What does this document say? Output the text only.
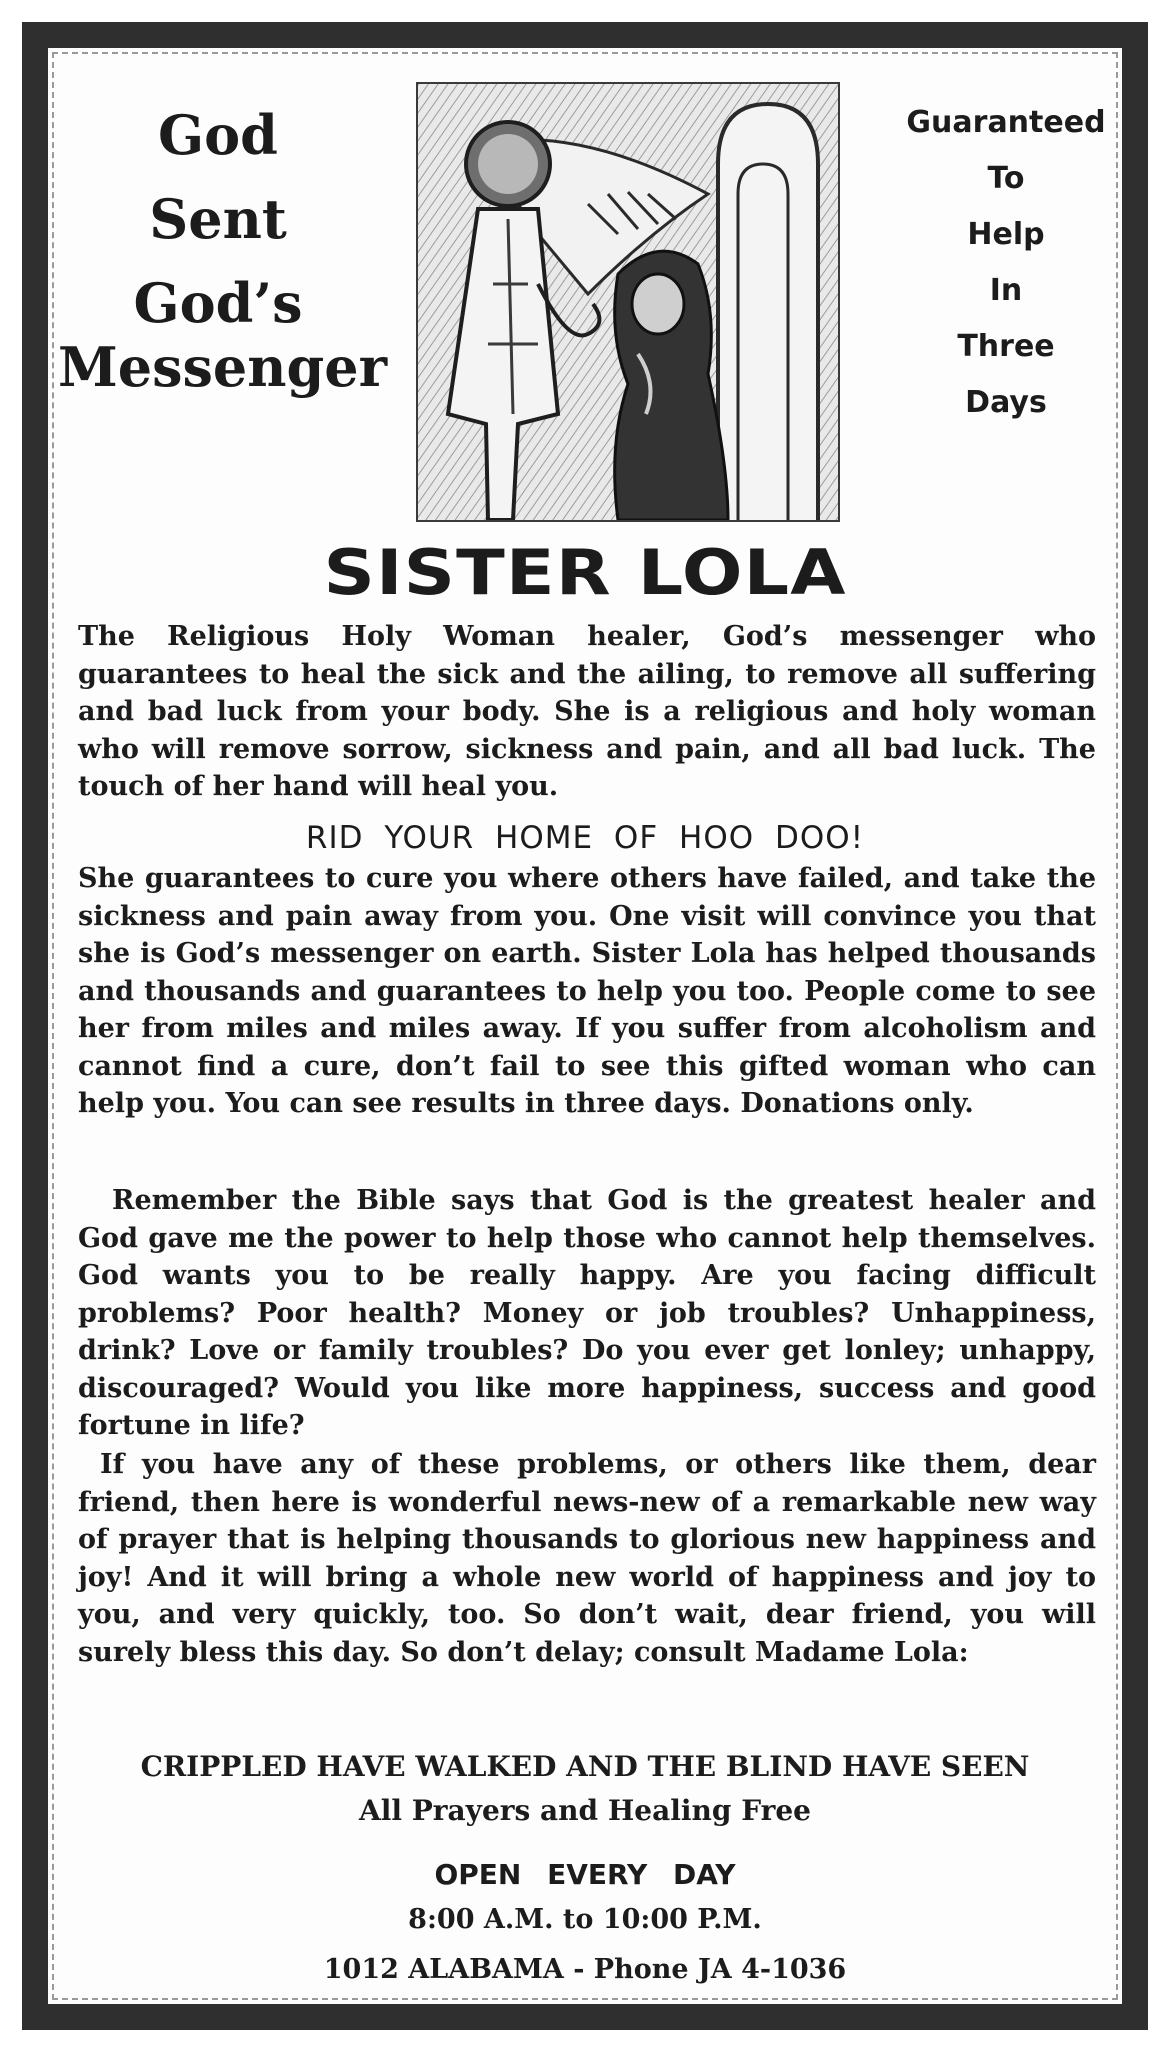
God
Sent
God’s
Messenger
Guaranteed
To
Help
In
Three
Days
SISTER LOLA
The Religious Holy Woman healer, God’s messenger who guarantees to heal the sick and the ailing, to remove all suffering and bad luck from your body. She is a religious and holy woman who will remove sorrow, sickness and pain, and all bad luck. The touch of her hand will heal you.
RID YOUR HOME OF HOO DOO!
She guarantees to cure you where others have failed, and take the sickness and pain away from you. One visit will convince you that she is God’s messenger on earth. Sister Lola has helped thousands and thousands and guarantees to help you too. People come to see her from miles and miles away. If you suffer from alcoholism and cannot find a cure, don’t fail to see this gifted woman who can help you. You can see results in three days. Donations only.
Remember the Bible says that God is the greatest healer and God gave me the power to help those who cannot help themselves. God wants you to be really happy. Are you facing difficult problems? Poor health? Money or job troubles? Unhappiness, drink? Love or family troubles? Do you ever get lonley; unhappy, discouraged? Would you like more happiness, success and good fortune in life?
If you have any of these problems, or others like them, dear friend, then here is wonderful news-new of a remarkable new way of prayer that is helping thousands to glorious new happiness and joy! And it will bring a whole new world of happiness and joy to you, and very quickly, too. So don’t wait, dear friend, you will surely bless this day. So don’t delay; consult Madame Lola:
CRIPPLED HAVE WALKED AND THE BLIND HAVE SEEN
All Prayers and Healing Free
OPEN EVERY DAY
8:00 A.M. to 10:00 P.M.
1012 ALABAMA - Phone JA 4-1036
